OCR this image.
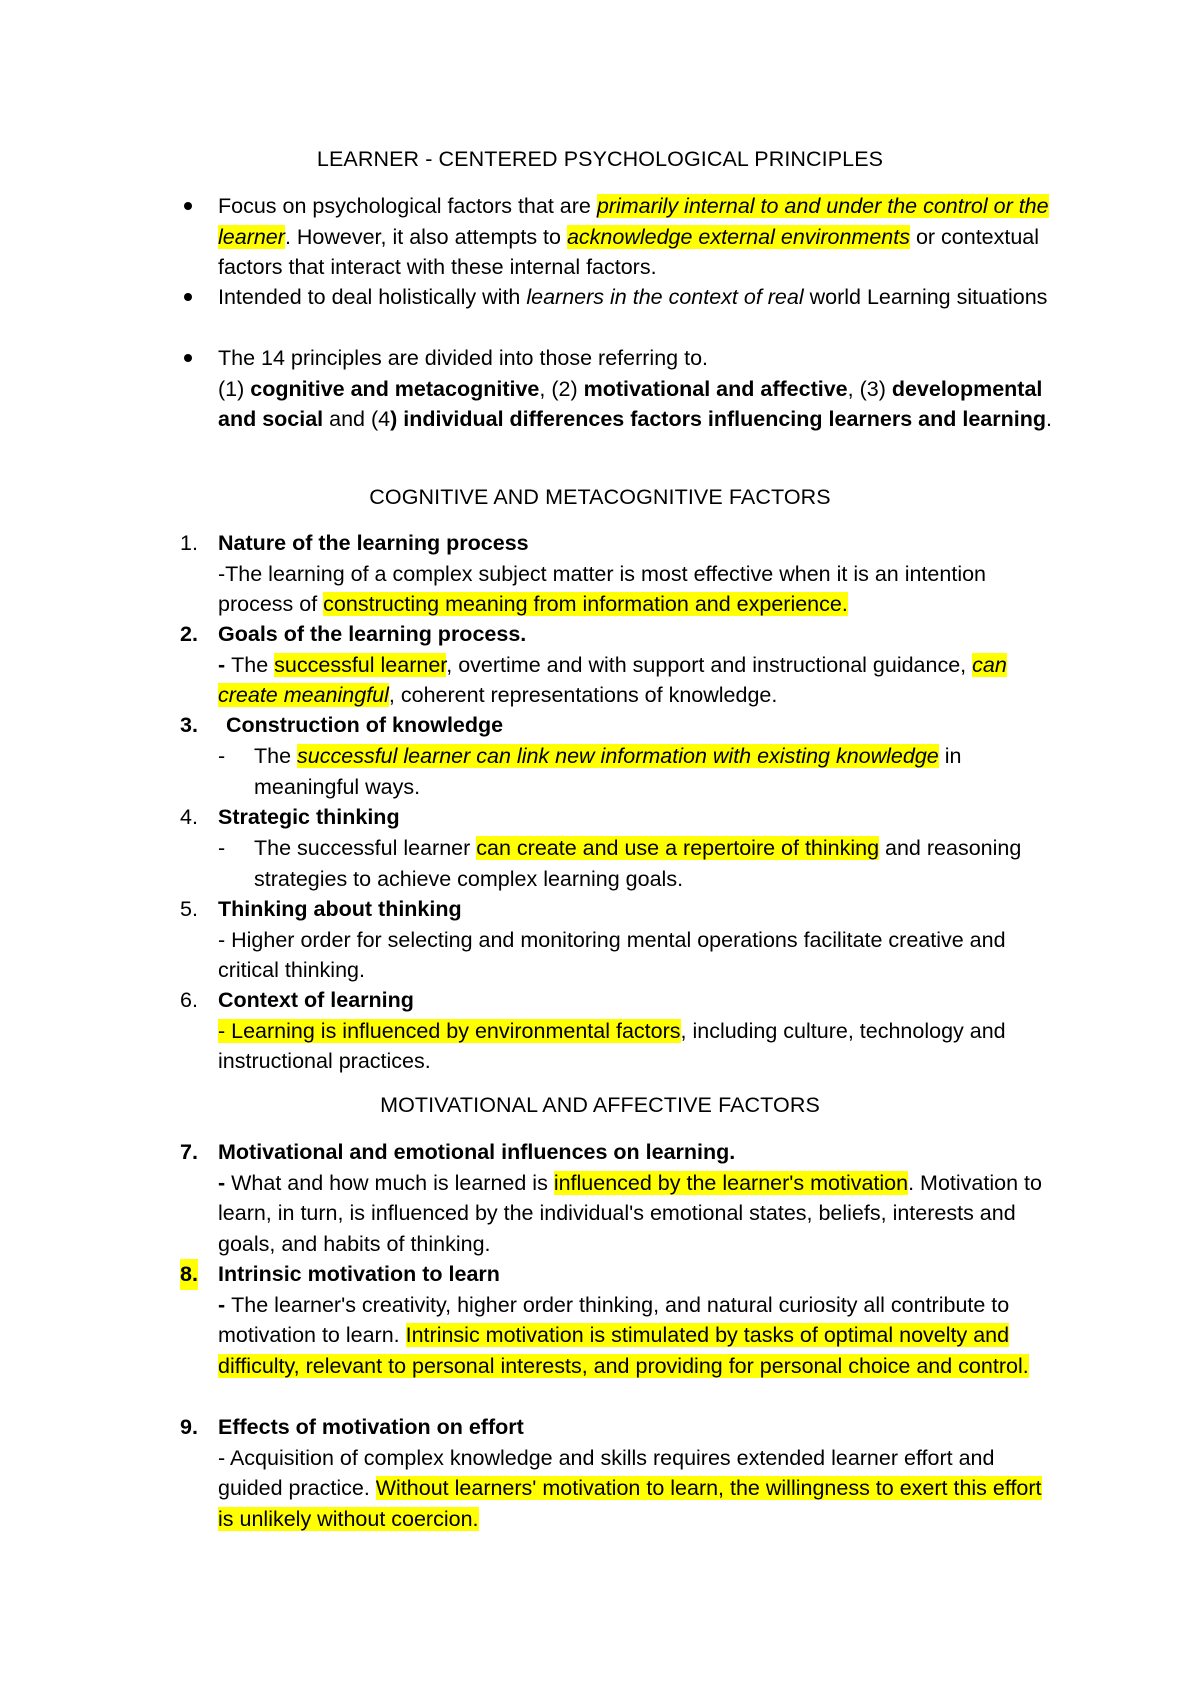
LEARNER - CENTERED PSYCHOLOGICAL PRINCIPLES

Focus on psychological factors that are primarily internal to and under the control or the learner. However, it also attempts to acknowledge external environments or contextual factors that interact with these internal factors.

Intended to deal holistically with learners in the context of real world Learning situations

The 14 principles are divided into those referring to.
(1) cognitive and metacognitive, (2) motivational and affective, (3) developmental and social and (4) individual differences factors influencing learners and learning.

COGNITIVE AND METACOGNITIVE FACTORS
1. Nature of the learning process
-The learning of a complex subject matter is most effective when it is an intention process of constructing meaning from information and experience.

2. Goals of the learning process.
- The successful learner, overtime and with support and instructional guidance, can create meaningful, coherent representations of knowledge.

3. Construction of knowledge

- The successful learner can link new information with existing knowledge in meaningful ways.

4. Strategic thinking

- The successful learner can create and use a repertoire of thinking and reasoning strategies to achieve complex learning goals.

5. Thinking about thinking
- Higher order for selecting and monitoring mental operations facilitate creative and critical thinking.

6. Context of learning
- Learning is influenced by environmental factors, including culture, technology and instructional practices.

MOTIVATIONAL AND AFFECTIVE FACTORS
7. Motivational and emotional influences on learning.
- What and how much is learned is influenced by the learner's motivation. Motivation to learn, in turn, is influenced by the individual's emotional states, beliefs, interests and goals, and habits of thinking.

8. Intrinsic motivation to learn
- The learner's creativity, higher order thinking, and natural curiosity all contribute to motivation to learn. Intrinsic motivation is stimulated by tasks of optimal novelty and difficulty, relevant to personal interests, and providing for personal choice and control.

9. Effects of motivation on effort
- Acquisition of complex knowledge and skills requires extended learner effort and guided practice. Without learners' motivation to learn, the willingness to exert this effort is unlikely without coercion.
